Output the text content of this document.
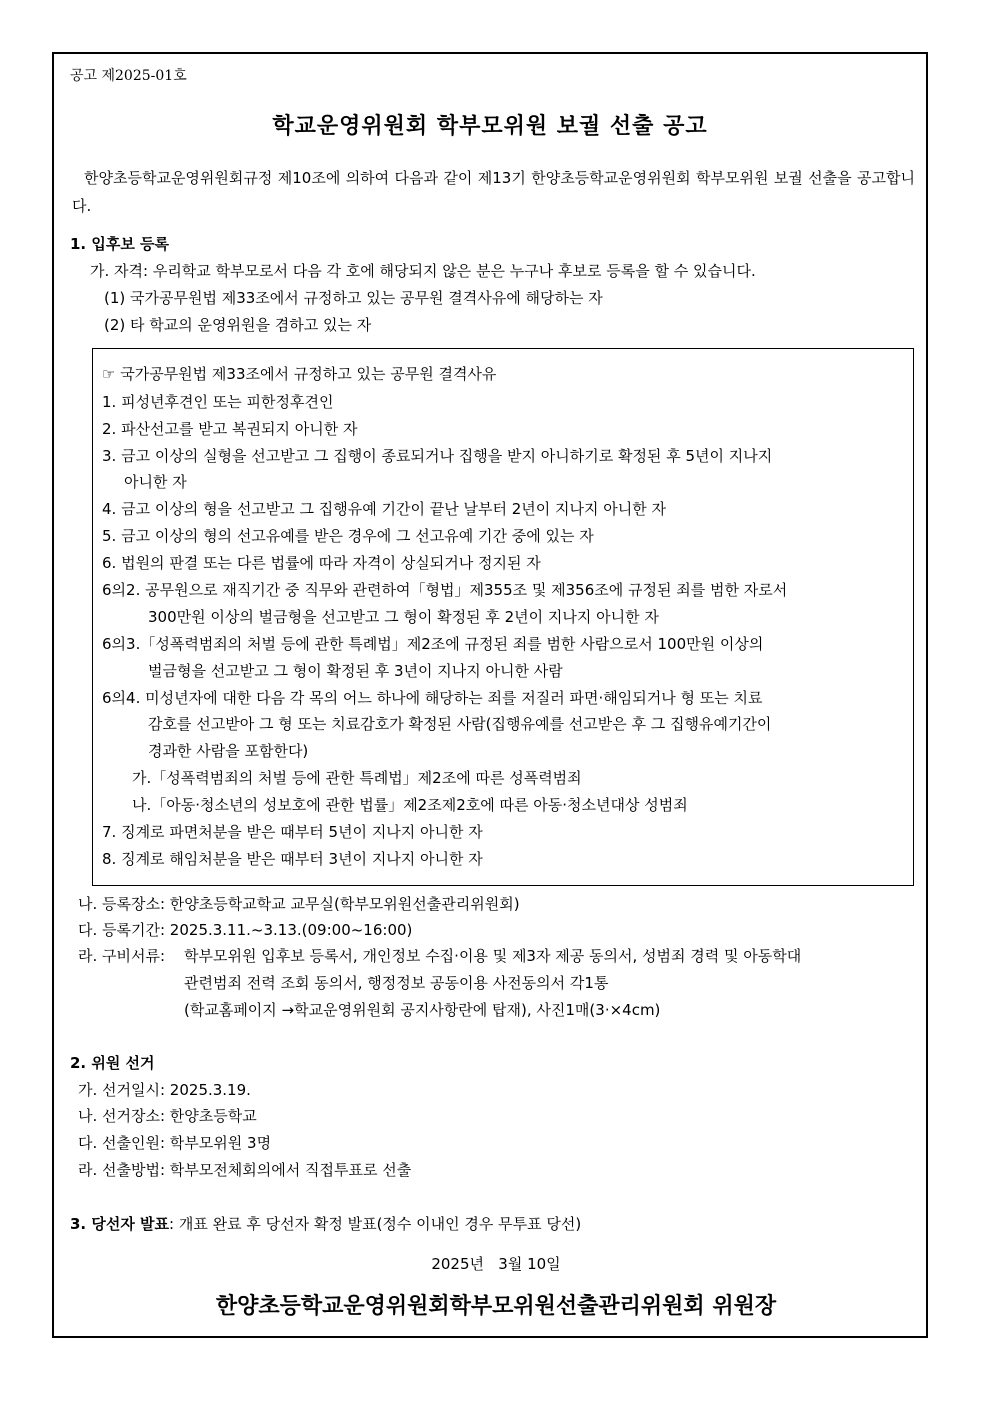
공고 제2025-01호
학교운영위원회 학부모위원 보궐 선출 공고
한양초등학교운영위원회규정 제10조에 의하여 다음과 같이 제13기 한양초등학교운영위원회 학부모위원 보궐 선출을 공고합니다.
1. 입후보 등록
가. 자격: 우리학교 학부모로서 다음 각 호에 해당되지 않은 분은 누구나 후보로 등록을 할 수 있습니다.
(1) 국가공무원법 제33조에서 규정하고 있는 공무원 결격사유에 해당하는 자
(2) 타 학교의 운영위원을 겸하고 있는 자
☞ 국가공무원법 제33조에서 규정하고 있는 공무원 결격사유
1. 피성년후견인 또는 피한정후견인
2. 파산선고를 받고 복권되지 아니한 자
3. 금고 이상의 실형을 선고받고 그 집행이 종료되거나 집행을 받지 아니하기로 확정된 후 5년이 지나지
아니한 자
4. 금고 이상의 형을 선고받고 그 집행유예 기간이 끝난 날부터 2년이 지나지 아니한 자
5. 금고 이상의 형의 선고유예를 받은 경우에 그 선고유예 기간 중에 있는 자
6. 법원의 판결 또는 다른 법률에 따라 자격이 상실되거나 정지된 자
6의2. 공무원으로 재직기간 중 직무와 관련하여「형법」제355조 및 제356조에 규정된 죄를 범한 자로서
300만원 이상의 벌금형을 선고받고 그 형이 확정된 후 2년이 지나지 아니한 자
6의3.「성폭력범죄의 처벌 등에 관한 특례법」제2조에 규정된 죄를 범한 사람으로서 100만원 이상의
벌금형을 선고받고 그 형이 확정된 후 3년이 지나지 아니한 사람
6의4. 미성년자에 대한 다음 각 목의 어느 하나에 해당하는 죄를 저질러 파면·해임되거나 형 또는 치료
감호를 선고받아 그 형 또는 치료감호가 확정된 사람(집행유예를 선고받은 후 그 집행유예기간이
경과한 사람을 포함한다)
가.「성폭력범죄의 처벌 등에 관한 특례법」제2조에 따른 성폭력범죄
나.「아동·청소년의 성보호에 관한 법률」제2조제2호에 따른 아동·청소년대상 성범죄
7. 징계로 파면처분을 받은 때부터 5년이 지나지 아니한 자
8. 징계로 해임처분을 받은 때부터 3년이 지나지 아니한 자
나. 등록장소: 한양초등학교학교 교무실(학부모위원선출관리위원회)
다. 등록기간: 2025.3.11.~3.13.(09:00~16:00)
라. 구비서류: 학부모위원 입후보 등록서, 개인정보 수집·이용 및 제3자 제공 동의서, 성범죄 경력 및 아동학대
관련범죄 전력 조회 동의서, 행정정보 공동이용 사전동의서 각1통
(학교홈페이지 →학교운영위원회 공지사항란에 탑재), 사진1매(3·×4cm)
2. 위원 선거
가. 선거일시: 2025.3.19.
나. 선거장소: 한양초등학교
다. 선출인원: 학부모위원 3명
라. 선출방법: 학부모전체회의에서 직접투표로 선출
3. 당선자 발표: 개표 완료 후 당선자 확정 발표(정수 이내인 경우 무투표 당선)
2025년   3월 10일
한양초등학교운영위원회학부모위원선출관리위원회 위원장
